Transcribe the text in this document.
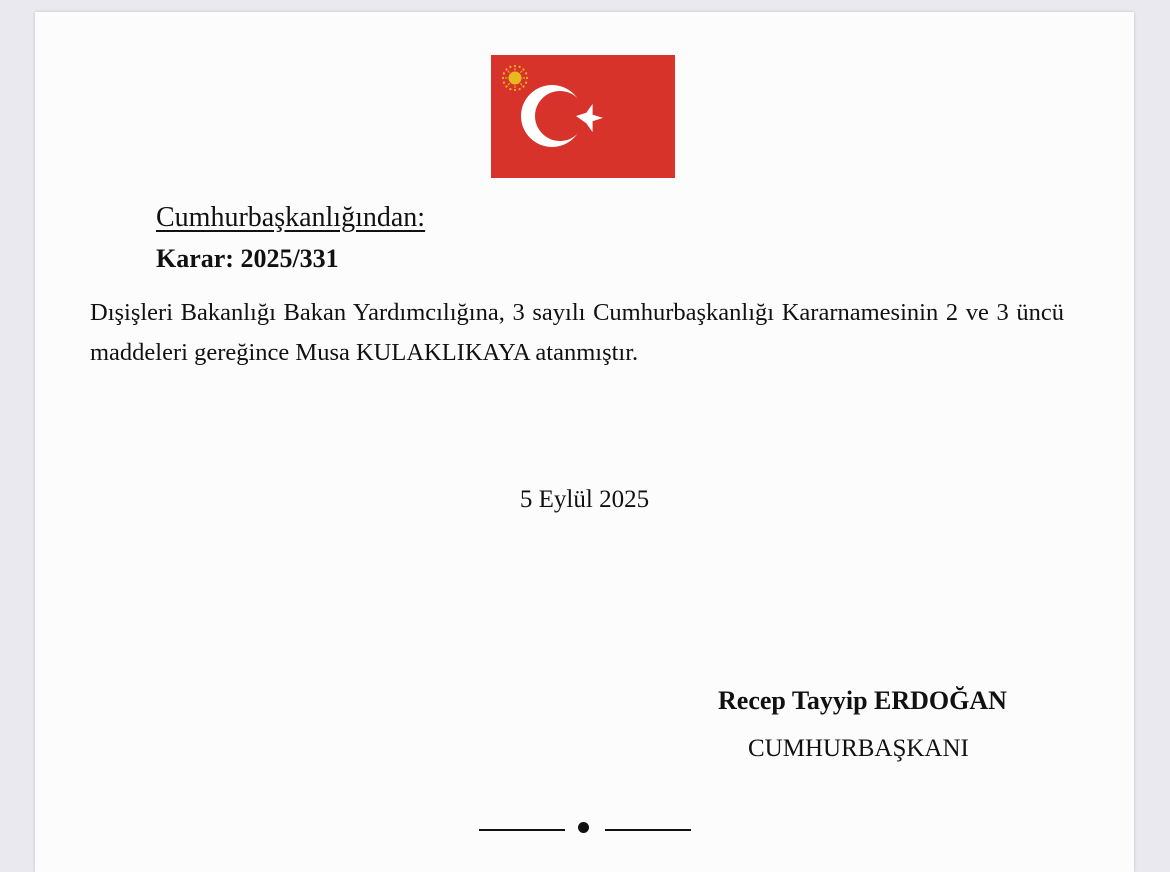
Cumhurbaşkanlığından:
Karar: 2025/331
Dışişleri Bakanlığı Bakan Yardımcılığına, 3 sayılı Cumhurbaşkanlığı Kararnamesinin 2 ve 3 üncü maddeleri gereğince Musa KULAKLIKAYA atanmıştır.
5 Eylül 2025
Recep Tayyip ERDOĞAN
CUMHURBAŞKANI
